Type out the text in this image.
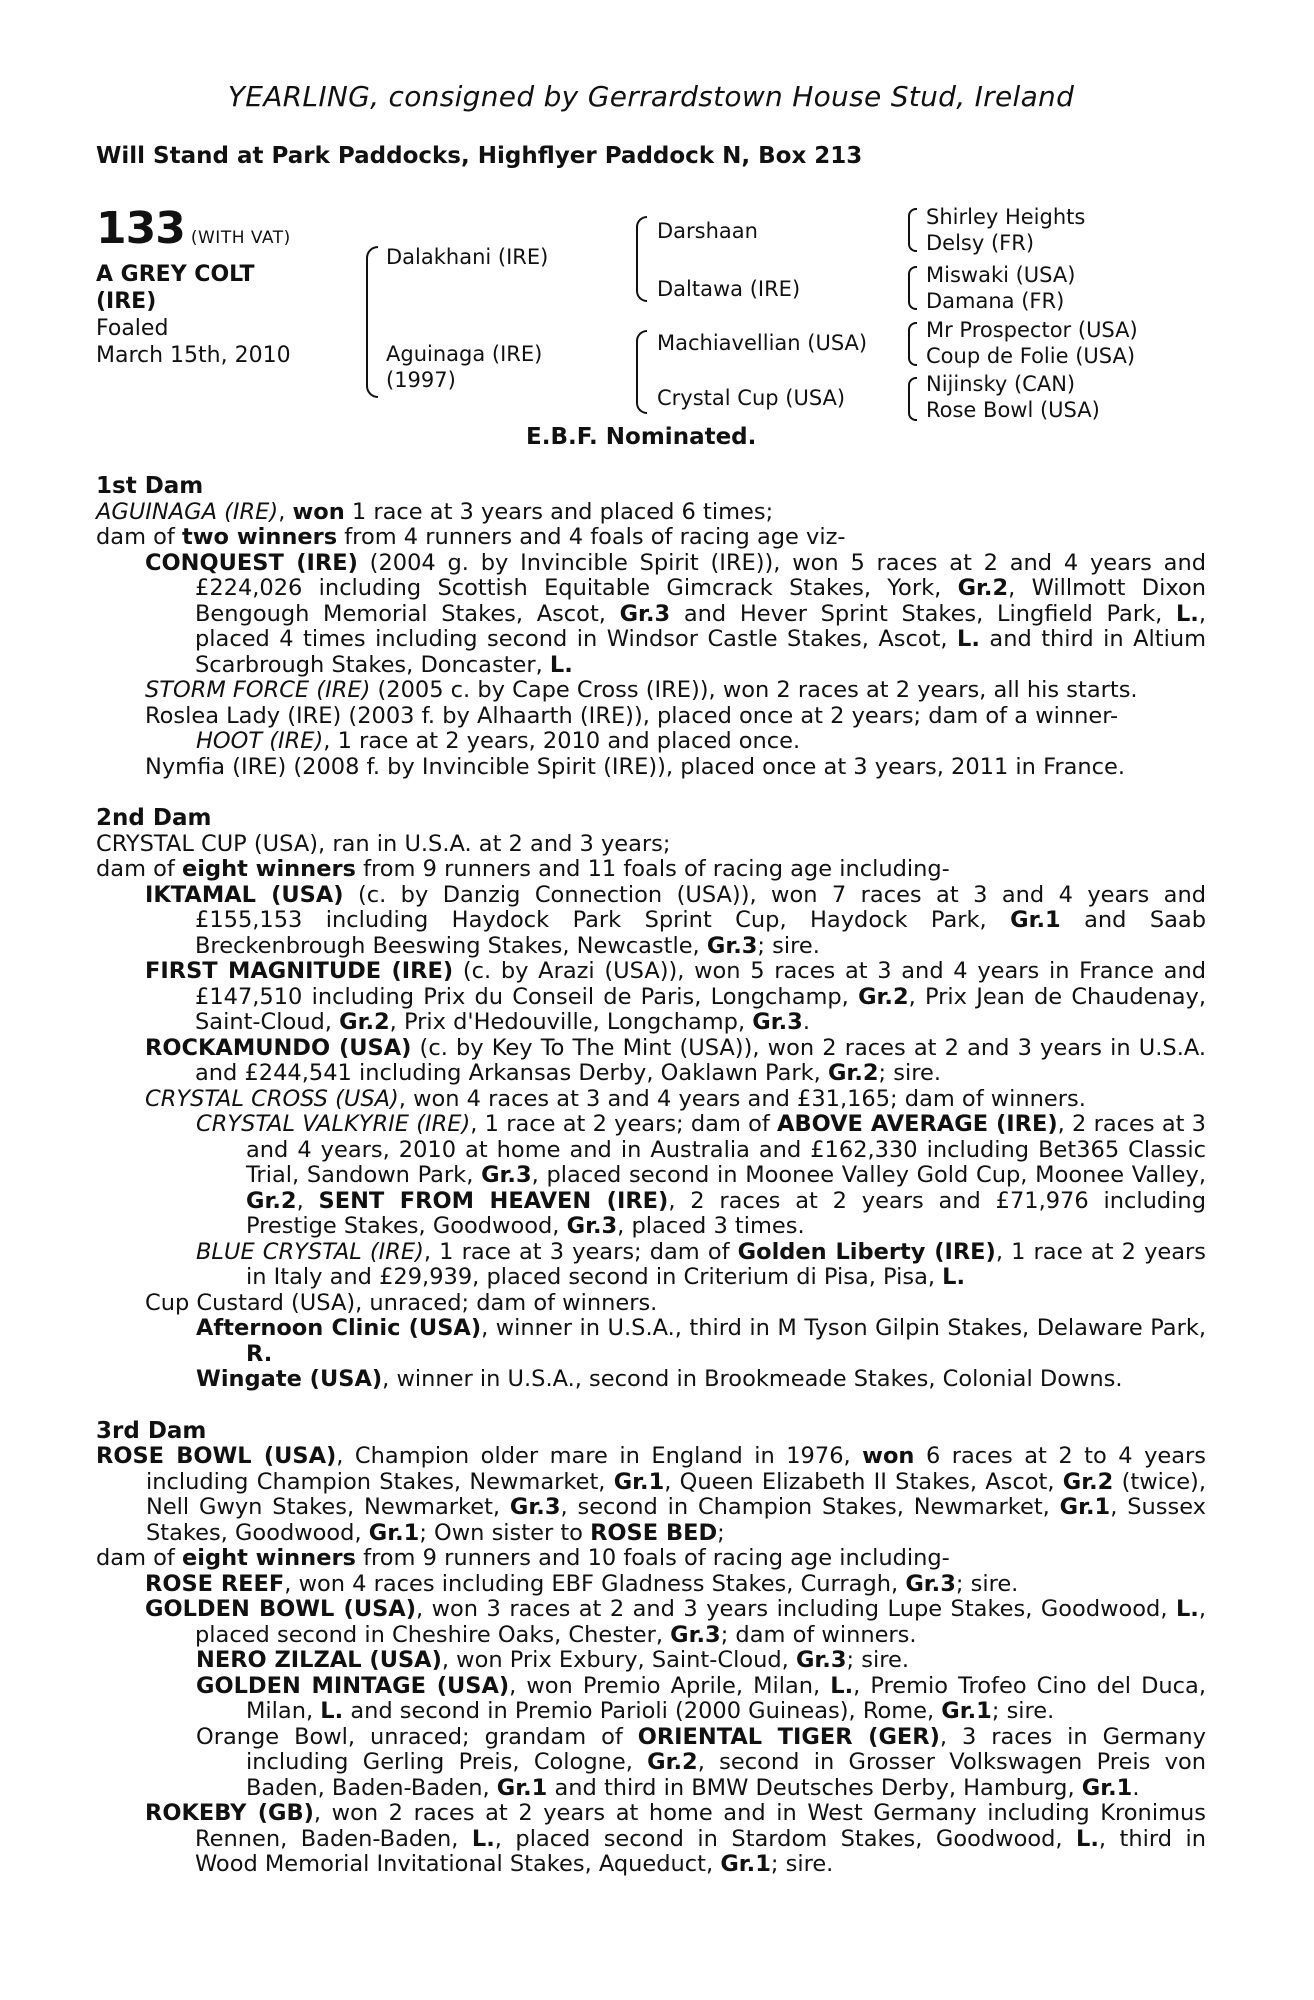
YEARLING, consigned by Gerrardstown House Stud, Ireland
Will Stand at Park Paddocks, Highflyer Paddock N, Box 213
133 (WITH VAT)
A GREY COLT
(IRE)
Foaled
March 15th, 2010
Dalakhani (IRE)
Aguinaga (IRE)
(1997)
Darshaan
Daltawa (IRE)
Machiavellian (USA)
Crystal Cup (USA)
Shirley Heights
Delsy (FR)
Miswaki (USA)
Damana (FR)
Mr Prospector (USA)
Coup de Folie (USA)
Nijinsky (CAN)
Rose Bowl (USA)
E.B.F. Nominated.
1st Dam
AGUINAGA (IRE), won 1 race at 3 years and placed 6 times;
dam of two winners from 4 runners and 4 foals of racing age viz-
CONQUEST (IRE) (2004 g. by Invincible Spirit (IRE)), won 5 races at 2 and 4 years and £224,026 including Scottish Equitable Gimcrack Stakes, York, Gr.2, Willmott Dixon Bengough Memorial Stakes, Ascot, Gr.3 and Hever Sprint Stakes, Lingfield Park, L., placed 4 times including second in Windsor Castle Stakes, Ascot, L. and third in Altium Scarbrough Stakes, Doncaster, L.
STORM FORCE (IRE) (2005 c. by Cape Cross (IRE)), won 2 races at 2 years, all his starts.
Roslea Lady (IRE) (2003 f. by Alhaarth (IRE)), placed once at 2 years; dam of a winner-
HOOT (IRE), 1 race at 2 years, 2010 and placed once.
Nymfia (IRE) (2008 f. by Invincible Spirit (IRE)), placed once at 3 years, 2011 in France.
2nd Dam
CRYSTAL CUP (USA), ran in U.S.A. at 2 and 3 years;
dam of eight winners from 9 runners and 11 foals of racing age including-
IKTAMAL (USA) (c. by Danzig Connection (USA)), won 7 races at 3 and 4 years and £155,153 including Haydock Park Sprint Cup, Haydock Park, Gr.1 and Saab Breckenbrough Beeswing Stakes, Newcastle, Gr.3; sire.
FIRST MAGNITUDE (IRE) (c. by Arazi (USA)), won 5 races at 3 and 4 years in France and £147,510 including Prix du Conseil de Paris, Longchamp, Gr.2, Prix Jean de Chaudenay, Saint-Cloud, Gr.2, Prix d'Hedouville, Longchamp, Gr.3.
ROCKAMUNDO (USA) (c. by Key To The Mint (USA)), won 2 races at 2 and 3 years in U.S.A. and £244,541 including Arkansas Derby, Oaklawn Park, Gr.2; sire.
CRYSTAL CROSS (USA), won 4 races at 3 and 4 years and £31,165; dam of winners.
CRYSTAL VALKYRIE (IRE), 1 race at 2 years; dam of ABOVE AVERAGE (IRE), 2 races at 3 and 4 years, 2010 at home and in Australia and £162,330 including Bet365 Classic Trial, Sandown Park, Gr.3, placed second in Moonee Valley Gold Cup, Moonee Valley, Gr.2, SENT FROM HEAVEN (IRE), 2 races at 2 years and £71,976 including Prestige Stakes, Goodwood, Gr.3, placed 3 times.
BLUE CRYSTAL (IRE), 1 race at 3 years; dam of Golden Liberty (IRE), 1 race at 2 years in Italy and £29,939, placed second in Criterium di Pisa, Pisa, L.
Cup Custard (USA), unraced; dam of winners.
Afternoon Clinic (USA), winner in U.S.A., third in M Tyson Gilpin Stakes, Delaware Park, R.
Wingate (USA), winner in U.S.A., second in Brookmeade Stakes, Colonial Downs.
3rd Dam
ROSE BOWL (USA), Champion older mare in England in 1976, won 6 races at 2 to 4 years including Champion Stakes, Newmarket, Gr.1, Queen Elizabeth II Stakes, Ascot, Gr.2 (twice), Nell Gwyn Stakes, Newmarket, Gr.3, second in Champion Stakes, Newmarket, Gr.1, Sussex Stakes, Goodwood, Gr.1; Own sister to ROSE BED;
dam of eight winners from 9 runners and 10 foals of racing age including-
ROSE REEF, won 4 races including EBF Gladness Stakes, Curragh, Gr.3; sire.
GOLDEN BOWL (USA), won 3 races at 2 and 3 years including Lupe Stakes, Goodwood, L., placed second in Cheshire Oaks, Chester, Gr.3; dam of winners.
NERO ZILZAL (USA), won Prix Exbury, Saint-Cloud, Gr.3; sire.
GOLDEN MINTAGE (USA), won Premio Aprile, Milan, L., Premio Trofeo Cino del Duca, Milan, L. and second in Premio Parioli (2000 Guineas), Rome, Gr.1; sire.
Orange Bowl, unraced; grandam of ORIENTAL TIGER (GER), 3 races in Germany including Gerling Preis, Cologne, Gr.2, second in Grosser Volkswagen Preis von Baden, Baden-Baden, Gr.1 and third in BMW Deutsches Derby, Hamburg, Gr.1.
ROKEBY (GB), won 2 races at 2 years at home and in West Germany including Kronimus Rennen, Baden-Baden, L., placed second in Stardom Stakes, Goodwood, L., third in Wood Memorial Invitational Stakes, Aqueduct, Gr.1; sire.
